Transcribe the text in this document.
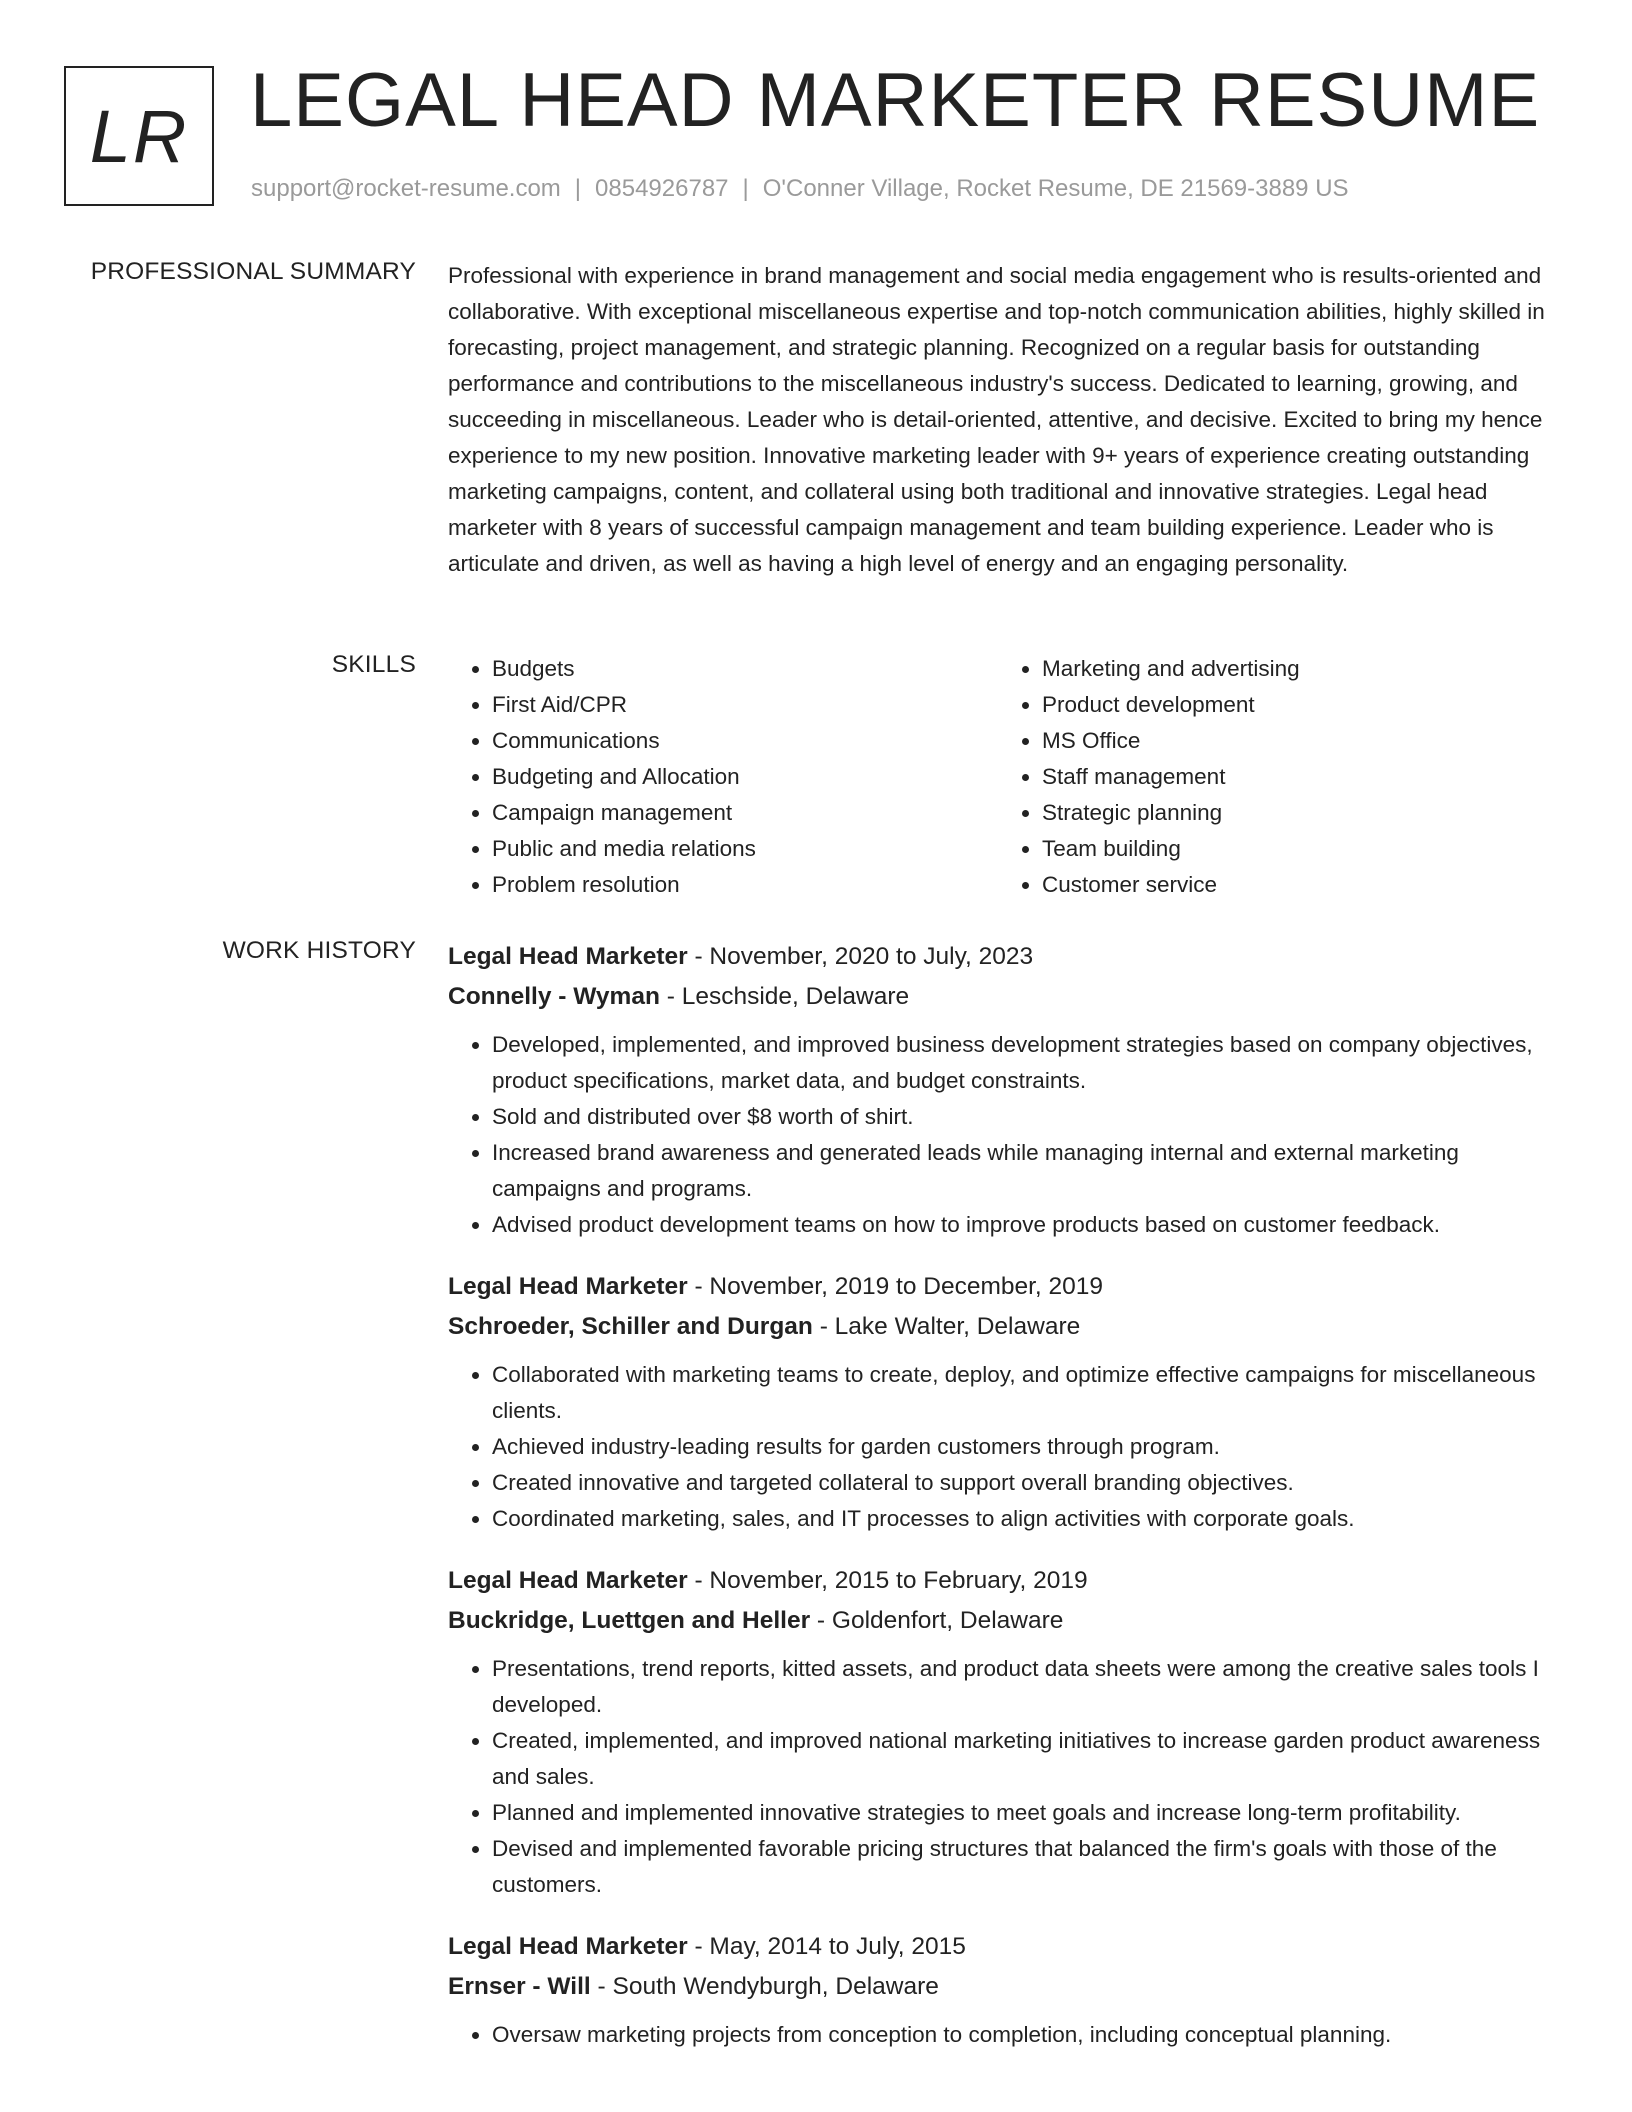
LR LEGAL HEAD MARKETER RESUME
support@rocket-resume.com | 0854926787 | O'Conner Village, Rocket Resume, DE 21569-3889 US
PROFESSIONAL SUMMARY Professional with experience in brand management and social media engagement who is results-oriented and collaborative. With exceptional miscellaneous expertise and top-notch communication abilities, highly skilled in forecasting, project management, and strategic planning. Recognized on a regular basis for outstanding performance and contributions to the miscellaneous industry's success. Dedicated to learning, growing, and succeeding in miscellaneous. Leader who is detail-oriented, attentive, and decisive. Excited to bring my hence experience to my new position. Innovative marketing leader with 9+ years of experience creating outstanding marketing campaigns, content, and collateral using both traditional and innovative strategies. Legal head marketer with 8 years of successful campaign management and team building experience. Leader who is articulate and driven, as well as having a high level of energy and an engaging personality.

SKILLS
•	Budgets
• First Aid/CPR
• Communications
• Budgeting and Allocation
• Campaign management
• Public and media relations
• Problem resolution
• Marketing and advertising
• Product development
• MS Office
• Staff management
• Strategic planning
• Team building
• Customer service
WORK HISTORY Legal Head Marketer - November, 2020 to July, 2023
Connelly - Wyman - Leschside, Delaware
• Developed, implemented, and improved business development strategies based on company objectives, product specifications, market data, and budget constraints.
• Sold and distributed over $8 worth of shirt.
• Increased brand awareness and generated leads while managing internal and external marketing campaigns and programs.
• Advised product development teams on how to improve products based on customer feedback.
Legal Head Marketer - November, 2019 to December, 2019
Schroeder, Schiller and Durgan - Lake Walter, Delaware
• Collaborated with marketing teams to create, deploy, and optimize effective campaigns for miscellaneous clients.
• Achieved industry-leading results for garden customers through program.
• Created innovative and targeted collateral to support overall branding objectives.
• Coordinated marketing, sales, and IT processes to align activities with corporate goals.
Legal Head Marketer - November, 2015 to February, 2019
Buckridge, Luettgen and Heller - Goldenfort, Delaware
• Presentations, trend reports, kitted assets, and product data sheets were among the creative sales tools I developed.
• Created, implemented, and improved national marketing initiatives to increase garden product awareness and sales.
• Planned and implemented innovative strategies to meet goals and increase long-term profitability.
• Devised and implemented favorable pricing structures that balanced the firm's goals with those of the customers.
Legal Head Marketer - May, 2014 to July, 2015
Ernser - Will - South Wendyburgh, Delaware
• Oversaw marketing projects from conception to completion, including conceptual planning.
